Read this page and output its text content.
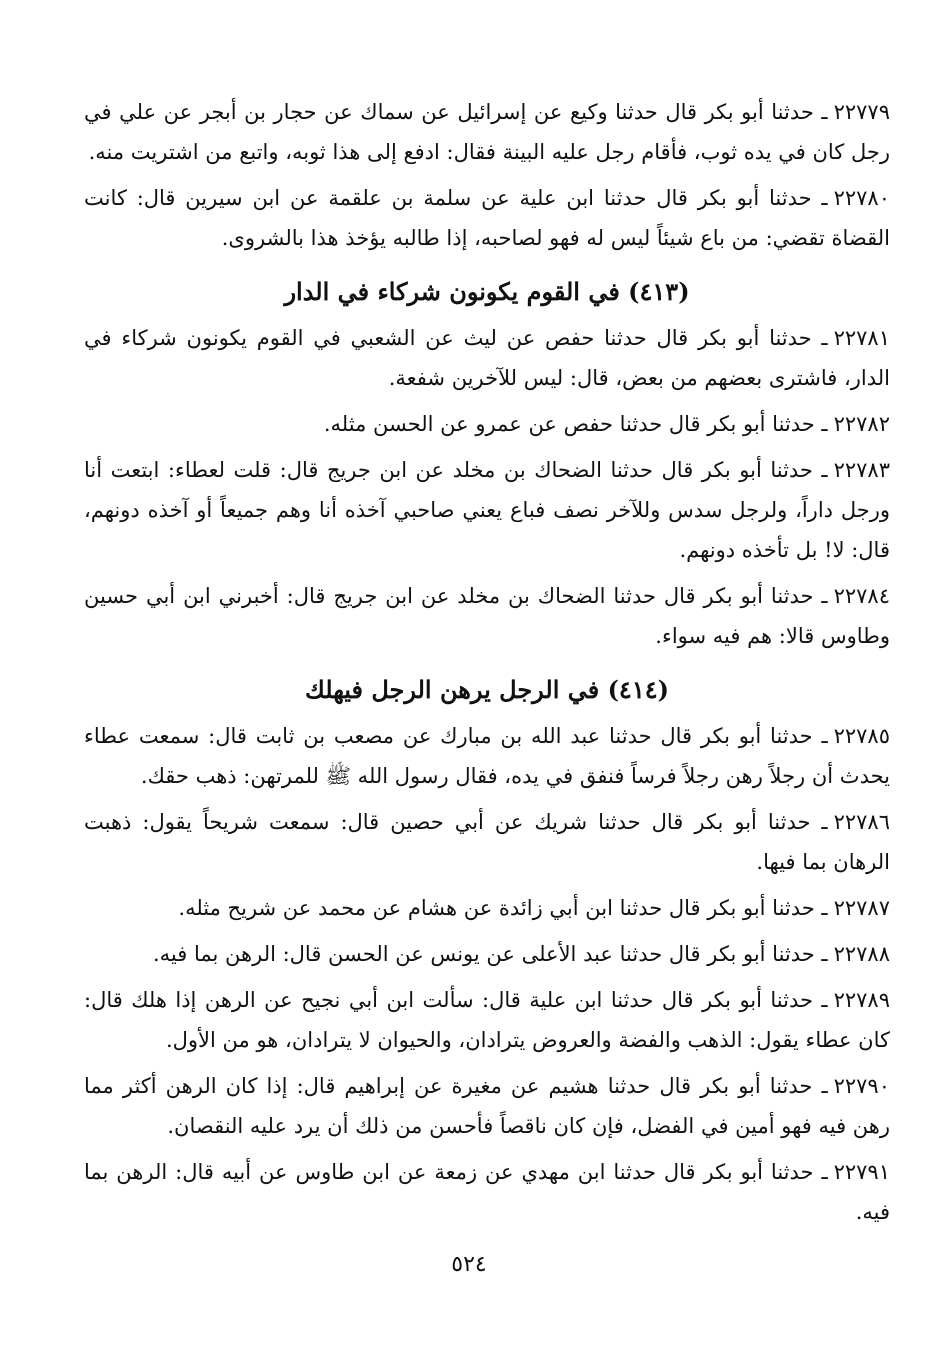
٢٢٧٧٩ـ حدثنا أبو بكر قال حدثنا وكيع عن إسرائيل عن سماك عن حجار بن أبجر عن علي في رجل كان في يده ثوب، فأقام رجل عليه البينة فقال: ادفع إلى هذا ثوبه، واتبع من اشتريت منه.
٢٢٧٨٠ـ حدثنا أبو بكر قال حدثنا ابن علية عن سلمة بن علقمة عن ابن سيرين قال: كانت القضاة تقضي: من باع شيئاً ليس له فهو لصاحبه، إذا طالبه يؤخذ هذا بالشروى.
(٤١٣) في القوم يكونون شركاء في الدار
٢٢٧٨١ـ حدثنا أبو بكر قال حدثنا حفص عن ليث عن الشعبي في القوم يكونون شركاء في الدار، فاشترى بعضهم من بعض، قال: ليس للآخرين شفعة.
٢٢٧٨٢ـ حدثنا أبو بكر قال حدثنا حفص عن عمرو عن الحسن مثله.
٢٢٧٨٣ـ حدثنا أبو بكر قال حدثنا الضحاك بن مخلد عن ابن جريج قال: قلت لعطاء: ابتعت أنا ورجل داراً، ولرجل سدس وللآخر نصف فباع يعني صاحبي آخذه أنا وهم جميعاً أو آخذه دونهم، قال: لا! بل تأخذه دونهم.
٢٢٧٨٤ـ حدثنا أبو بكر قال حدثنا الضحاك بن مخلد عن ابن جريج قال: أخبرني ابن أبي حسين وطاوس قالا: هم فيه سواء.
(٤١٤) في الرجل يرهن الرجل فيهلك
٢٢٧٨٥ـ حدثنا أبو بكر قال حدثنا عبد الله بن مبارك عن مصعب بن ثابت قال: سمعت عطاء يحدث أن رجلاً رهن رجلاً فرساً فنفق في يده، فقال رسول الله ﷺ للمرتهن: ذهب حقك.
٢٢٧٨٦ـ حدثنا أبو بكر قال حدثنا شريك عن أبي حصين قال: سمعت شريحاً يقول: ذهبت الرهان بما فيها.
٢٢٧٨٧ـ حدثنا أبو بكر قال حدثنا ابن أبي زائدة عن هشام عن محمد عن شريح مثله.
٢٢٧٨٨ـ حدثنا أبو بكر قال حدثنا عبد الأعلى عن يونس عن الحسن قال: الرهن بما فيه.
٢٢٧٨٩ـ حدثنا أبو بكر قال حدثنا ابن علية قال: سألت ابن أبي نجيح عن الرهن إذا هلك قال: كان عطاء يقول: الذهب والفضة والعروض يترادان، والحيوان لا يترادان، هو من الأول.
٢٢٧٩٠ـ حدثنا أبو بكر قال حدثنا هشيم عن مغيرة عن إبراهيم قال: إذا كان الرهن أكثر مما رهن فيه فهو أمين في الفضل، فإن كان ناقصاً فأحسن من ذلك أن يرد عليه النقصان.
٢٢٧٩١ـ حدثنا أبو بكر قال حدثنا ابن مهدي عن زمعة عن ابن طاوس عن أبيه قال: الرهن بما فيه.
٥٢٤
